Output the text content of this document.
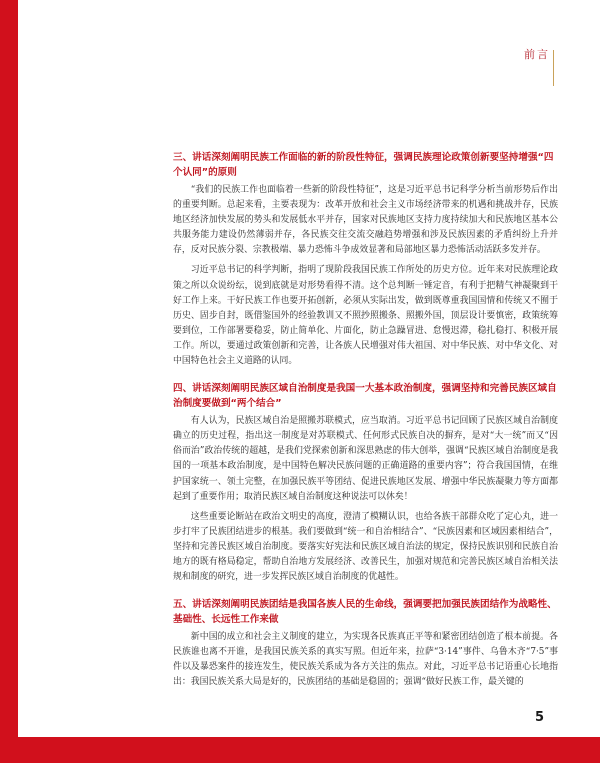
前言
三、讲话深刻阐明民族工作面临的新的阶段性特征，强调民族理论政策创新要坚持增强“四个认同”的原则

“我们的民族工作也面临着一些新的阶段性特征”，这是习近平总书记科学分析当前形势后作出的重要判断。总起来看，主要表现为：改革开放和社会主义市场经济带来的机遇和挑战并存，民族地区经济加快发展的势头和发展低水平并存，国家对民族地区支持力度持续加大和民族地区基本公共服务能力建设仍然薄弱并存，各民族交往交流交融趋势增强和涉及民族因素的矛盾纠纷上升并存，反对民族分裂、宗教极端、暴力恐怖斗争成效显著和局部地区暴力恐怖活动活跃多发并存。

习近平总书记的科学判断，指明了现阶段我国民族工作所处的历史方位。近年来对民族理论政策之所以众说纷纭，说到底就是对形势看得不清。这个总判断一锤定音，有利于把精气神凝聚到干好工作上来。干好民族工作也要开拓创新，必须从实际出发，做到既尊重我国国情和传统又不囿于历史、固步自封，既借鉴国外的经验教训又不照抄照搬条、照搬外国，顶层设计要慎密，政策统筹要到位，工作部署要稳妥，防止简单化、片面化，防止急躁冒进、怠慢迟滞，稳扎稳打、积极开展工作。所以，要通过政策创新和完善，让各族人民增强对伟大祖国、对中华民族、对中华文化、对中国特色社会主义道路的认同。

四、讲话深刻阐明民族区域自治制度是我国一大基本政治制度，强调坚持和完善民族区域自治制度要做到“两个结合”

有人认为，民族区域自治是照搬苏联模式，应当取消。习近平总书记回顾了民族区域自治制度确立的历史过程，指出这一制度是对苏联模式、任何形式民族自决的摒弃，是对“大一统”而又“因俗而治”政治传统的超越，是我们党探索创新和深思熟虑的伟大创举，强调“民族区域自治制度是我国的一项基本政治制度，是中国特色解决民族问题的正确道路的重要内容”；符合我国国情，在维护国家统一、领土完整，在加强民族平等团结、促进民族地区发展、增强中华民族凝聚力等方面都起到了重要作用；取消民族区域自治制度这种说法可以休矣！

这些重要论断站在政治文明史的高度，澄清了模糊认识，也给各族干部群众吃了定心丸，进一步打牢了民族团结进步的根基。我们要做到“统一和自治相结合”、“民族因素和区域因素相结合”，坚持和完善民族区域自治制度。要落实好宪法和民族区域自治法的规定，保持民族识别和民族自治地方的既有格局稳定，帮助自治地方发展经济、改善民生，加强对规范和完善民族区域自治相关法规和制度的研究，进一步发挥民族区域自治制度的优越性。

五、讲话深刻阐明民族团结是我国各族人民的生命线，强调要把加强民族团结作为战略性、基础性、长远性工作来做

新中国的成立和社会主义制度的建立，为实现各民族真正平等和紧密团结创造了根本前提。各民族谁也离不开谁，是我国民族关系的真实写照。但近年来，拉萨“3·14”事件、乌鲁木齐“7·5”事件以及暴恐案件的接连发生，使民族关系成为各方关注的焦点。对此，习近平总书记语重心长地指出：我国民族关系大局是好的，民族团结的基础是稳固的；强调“做好民族工作，最关键的

5
